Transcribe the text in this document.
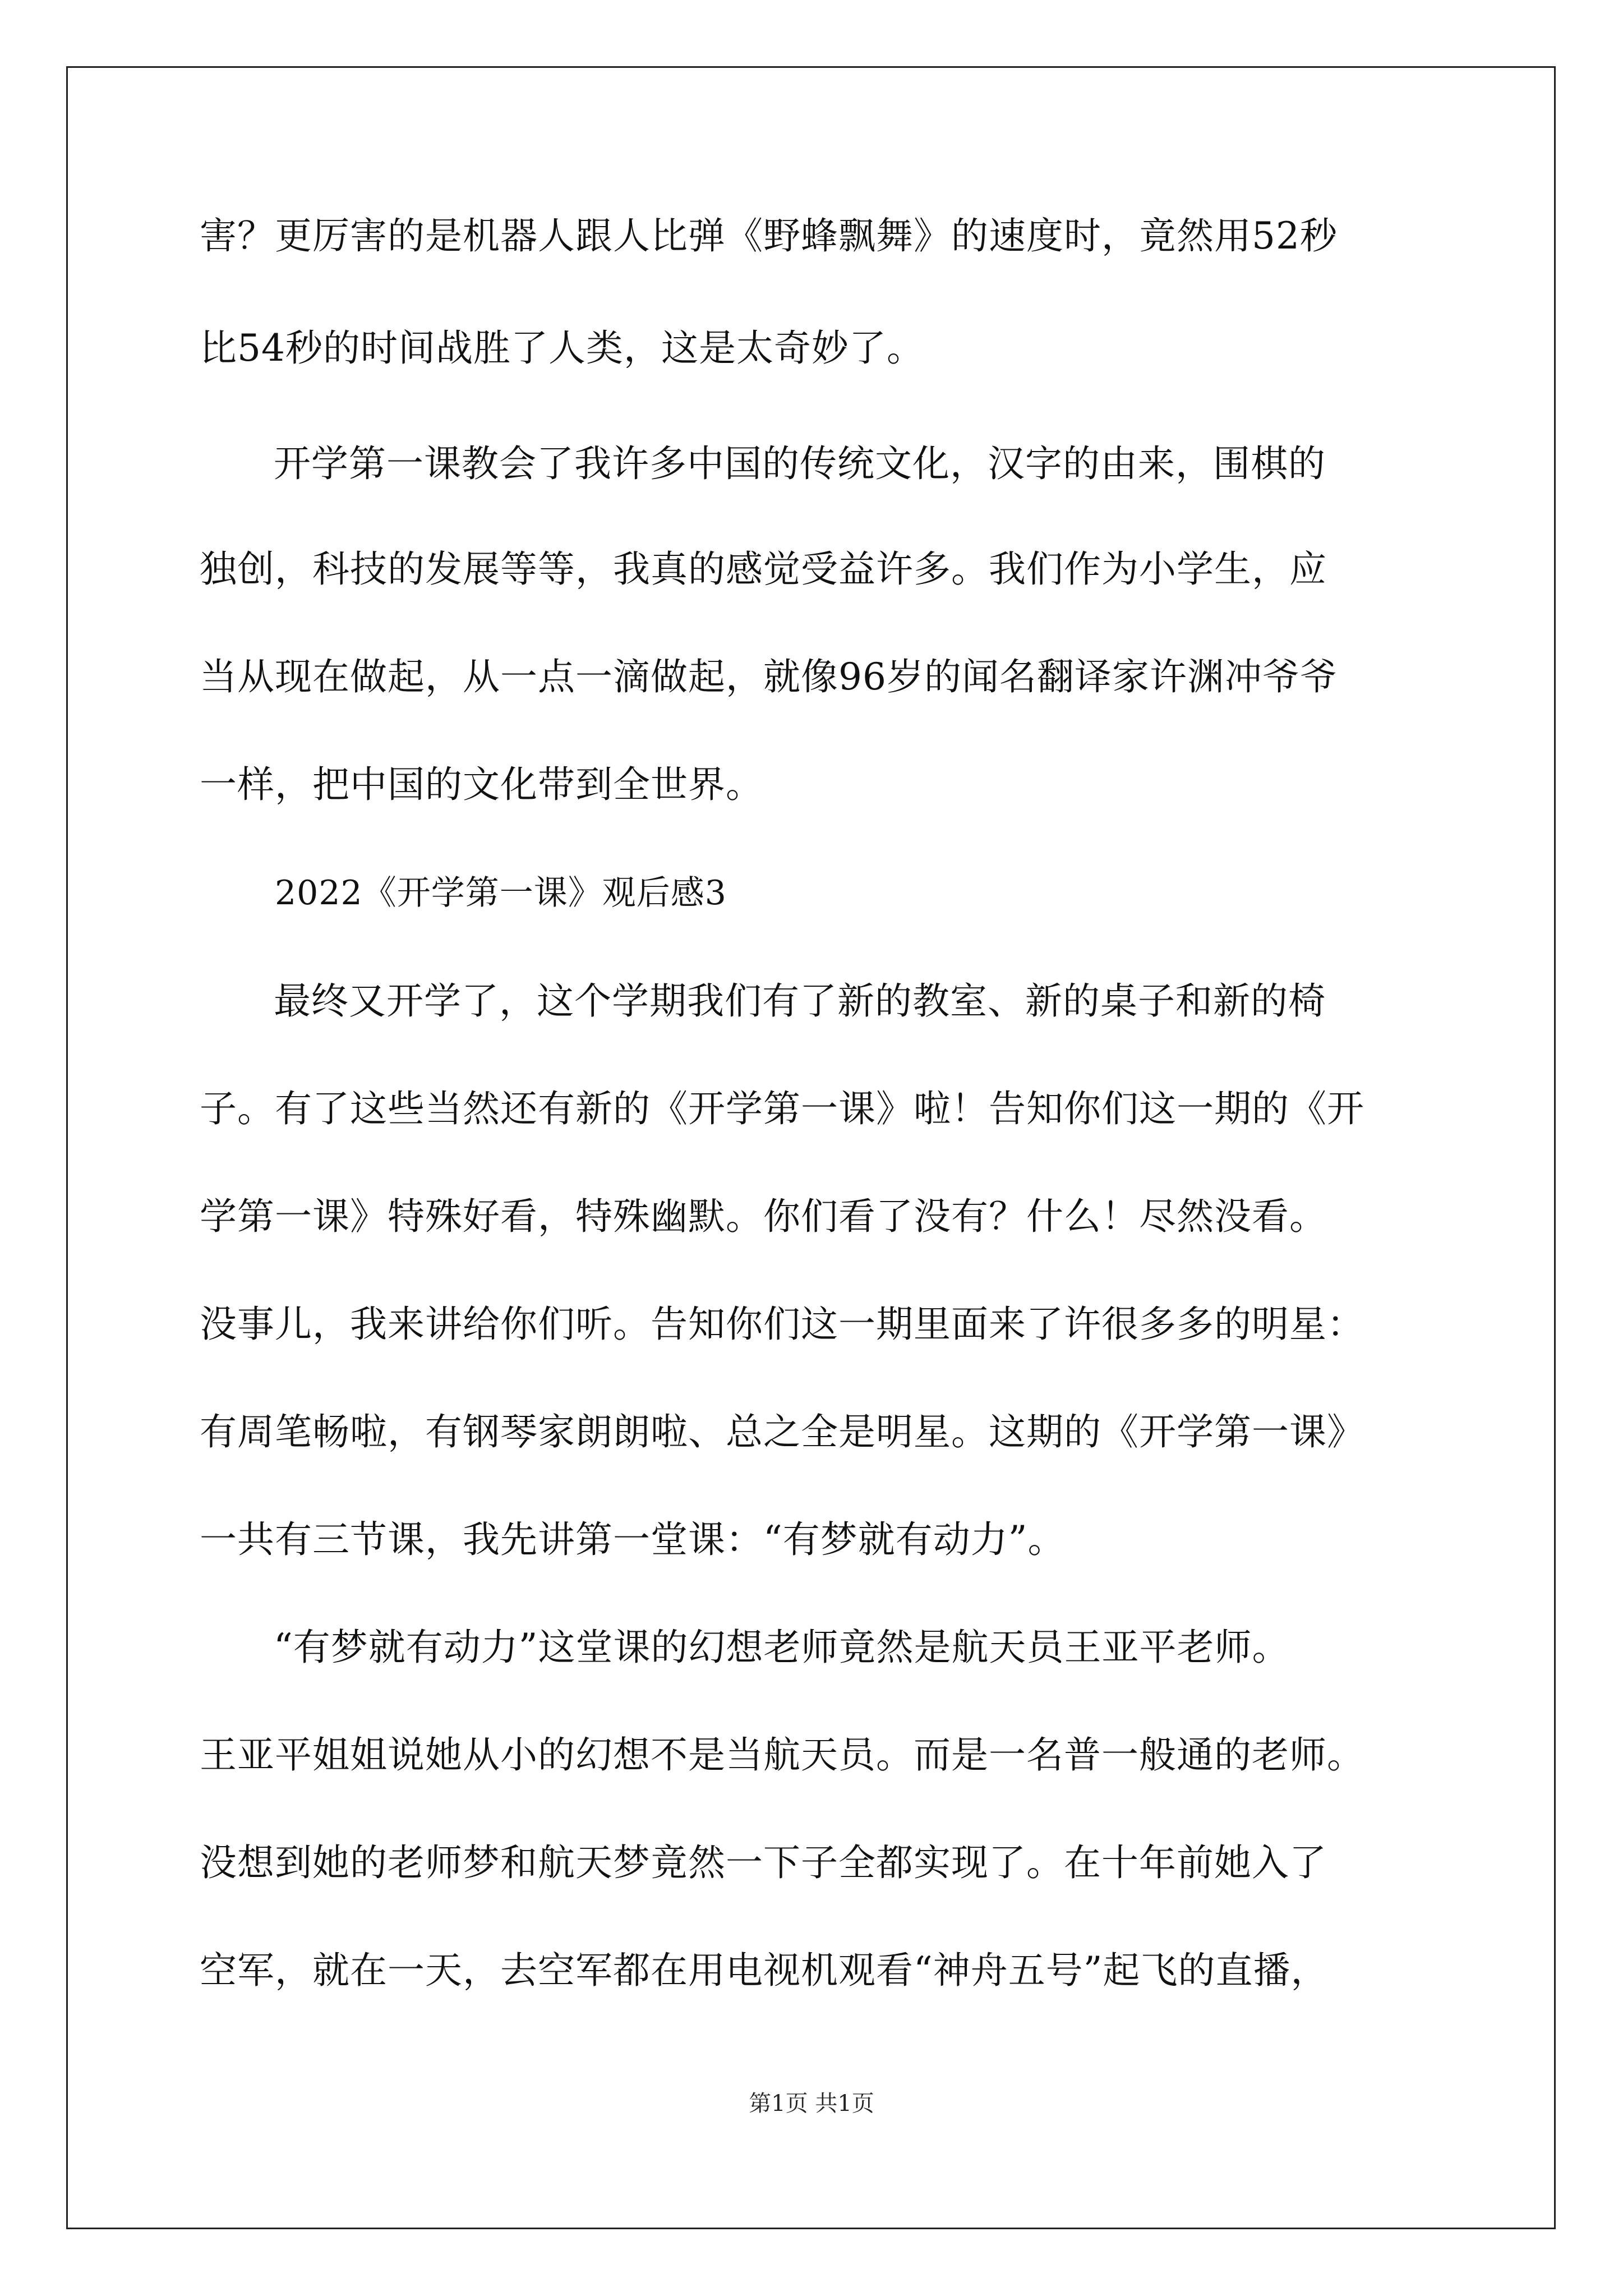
害？更厉害的是机器人跟人比弹《野蜂飘舞》的速度时，竟然用52秒
比54秒的时间战胜了人类，这是太奇妙了。
开学第一课教会了我许多中国的传统文化，汉字的由来，围棋的
独创，科技的发展等等，我真的感觉受益许多。我们作为小学生，应
当从现在做起，从一点一滴做起，就像96岁的闻名翻译家许渊冲爷爷
一样，把中国的文化带到全世界。
2022《开学第一课》观后感3
最终又开学了，这个学期我们有了新的教室、新的桌子和新的椅
子。有了这些当然还有新的《开学第一课》啦！告知你们这一期的《开
学第一课》特殊好看，特殊幽默。你们看了没有？什么！尽然没看。
没事儿，我来讲给你们听。告知你们这一期里面来了许很多多的明星：
有周笔畅啦，有钢琴家朗朗啦、总之全是明星。这期的《开学第一课》
一共有三节课，我先讲第一堂课：“有梦就有动力”。
“有梦就有动力”这堂课的幻想老师竟然是航天员王亚平老师。
王亚平姐姐说她从小的幻想不是当航天员。而是一名普一般通的老师。
没想到她的老师梦和航天梦竟然一下子全都实现了。在十年前她入了
空军，就在一天，去空军都在用电视机观看“神舟五号”起飞的直播，
第1页 共1页
